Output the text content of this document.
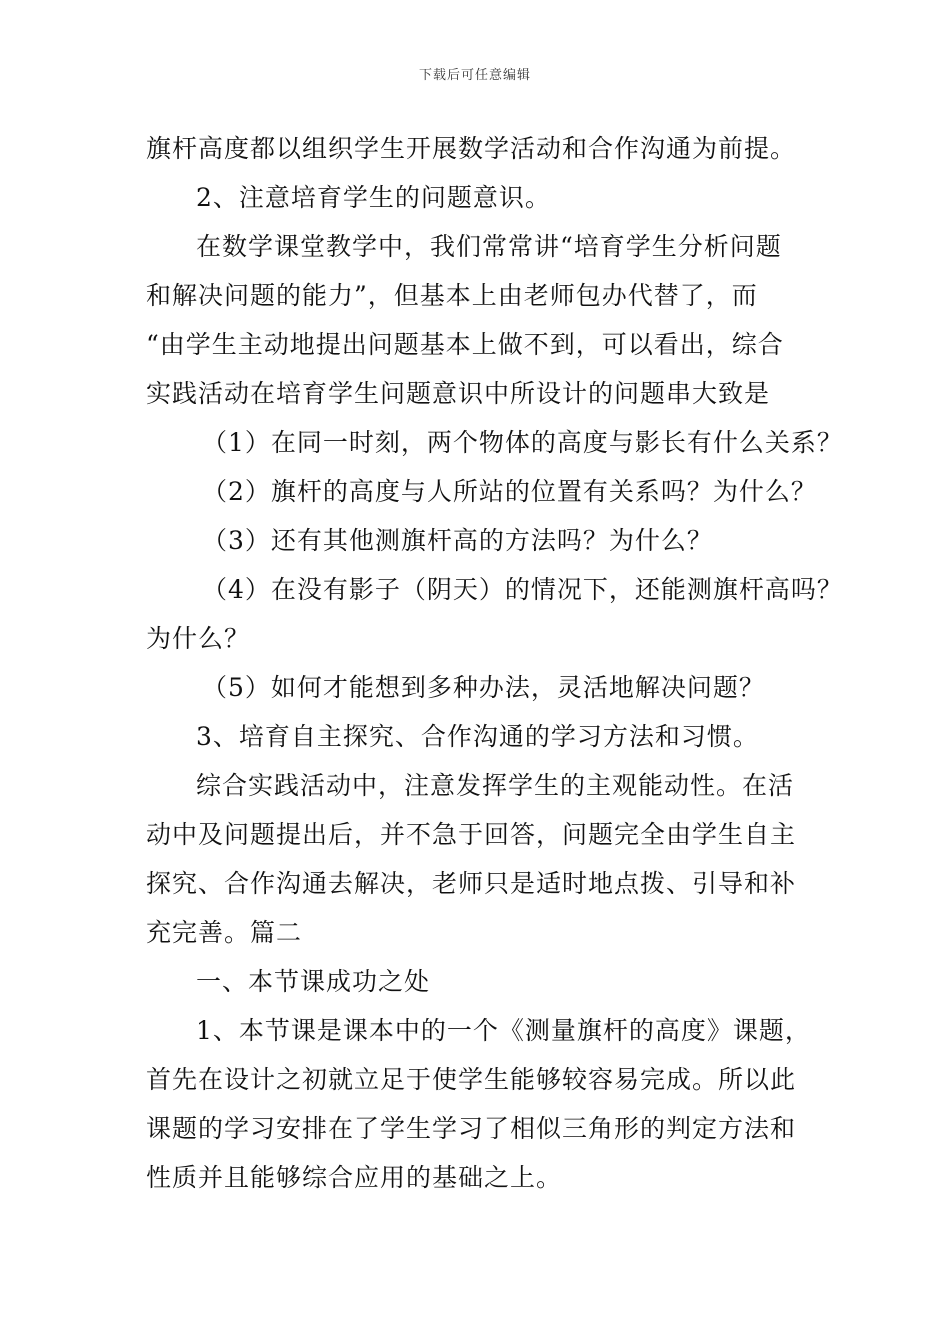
下载后可任意编辑
旗杆高度都以组织学生开展数学活动和合作沟通为前提。
2、注意培育学生的问题意识。
在数学课堂教学中，我们常常讲“培育学生分析问题
和解决问题的能力”，但基本上由老师包办代替了，而
“由学生主动地提出问题基本上做不到，可以看出，综合
实践活动在培育学生问题意识中所设计的问题串大致是
（1）在同一时刻，两个物体的高度与影长有什么关系？
（2）旗杆的高度与人所站的位置有关系吗？为什么？
（3）还有其他测旗杆高的方法吗？为什么？
（4）在没有影子（阴天）的情况下，还能测旗杆高吗？
为什么？
（5）如何才能想到多种办法，灵活地解决问题？
3、培育自主探究、合作沟通的学习方法和习惯。
综合实践活动中，注意发挥学生的主观能动性。在活
动中及问题提出后，并不急于回答，问题完全由学生自主
探究、合作沟通去解决，老师只是适时地点拨、引导和补
充完善。篇二
一、本节课成功之处
1、本节课是课本中的一个《测量旗杆的高度》课题，
首先在设计之初就立足于使学生能够较容易完成。所以此
课题的学习安排在了学生学习了相似三角形的判定方法和
性质并且能够综合应用的基础之上。
